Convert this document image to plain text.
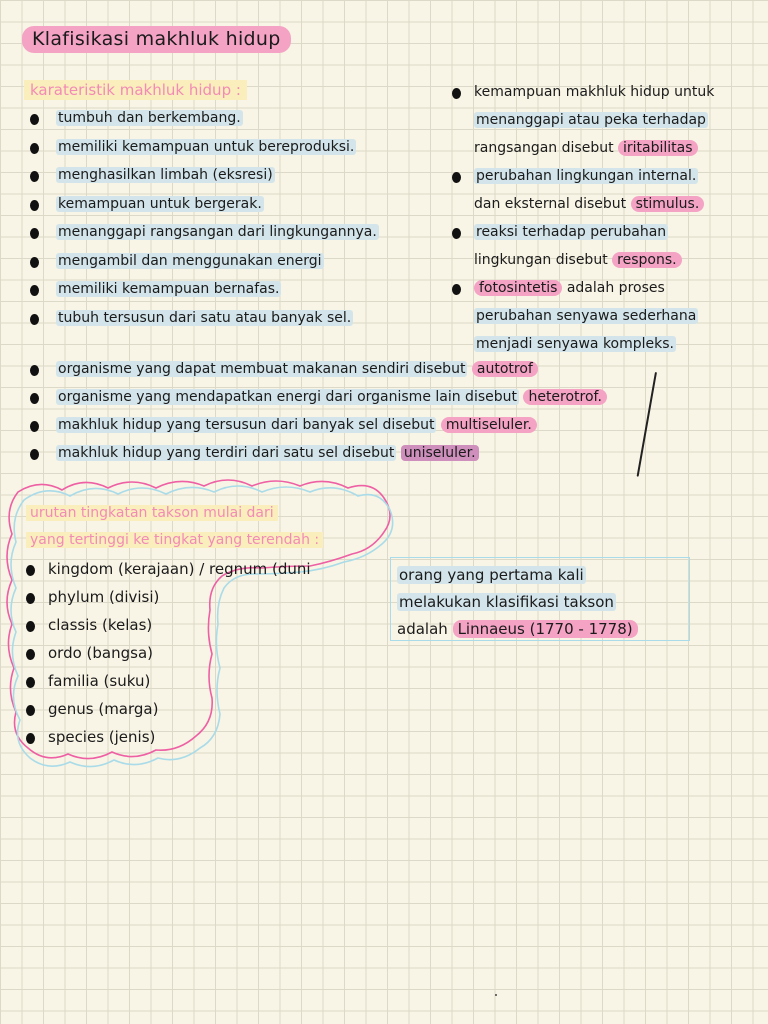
Klafisikasi makhluk hidup
karateristik makhluk hidup :
tumbuh dan berkembang.
memiliki kemampuan untuk bereproduksi.
menghasilkan limbah (eksresi)
kemampuan untuk bergerak.
menanggapi rangsangan dari lingkungannya.
mengambil dan menggunakan energi
memiliki kemampuan bernafas.
tubuh tersusun dari satu atau banyak sel.
kemampuan makhluk hidup untuk
menanggapi atau peka terhadap
rangsangan disebut iritabilitas
perubahan lingkungan internal.
dan eksternal disebut stimulus.
reaksi terhadap perubahan
lingkungan disebut respons.
fotosintetis adalah proses
perubahan senyawa sederhana
menjadi senyawa kompleks.
organisme yang dapat membuat makanan sendiri disebut autotrof
organisme yang mendapatkan energi dari organisme lain disebut heterotrof.
makhluk hidup yang tersusun dari banyak sel disebut multiseluler.
makhluk hidup yang terdiri dari satu sel disebut uniseluler.
urutan tingkatan takson mulai dari
yang tertinggi ke tingkat yang terendah :
kingdom (kerajaan) / regnum (duni
phylum (divisi)
classis (kelas)
ordo (bangsa)
familia (suku)
genus (marga)
species (jenis)
orang yang pertama kali
melakukan klasifikasi takson
adalah Linnaeus (1770 - 1778)
